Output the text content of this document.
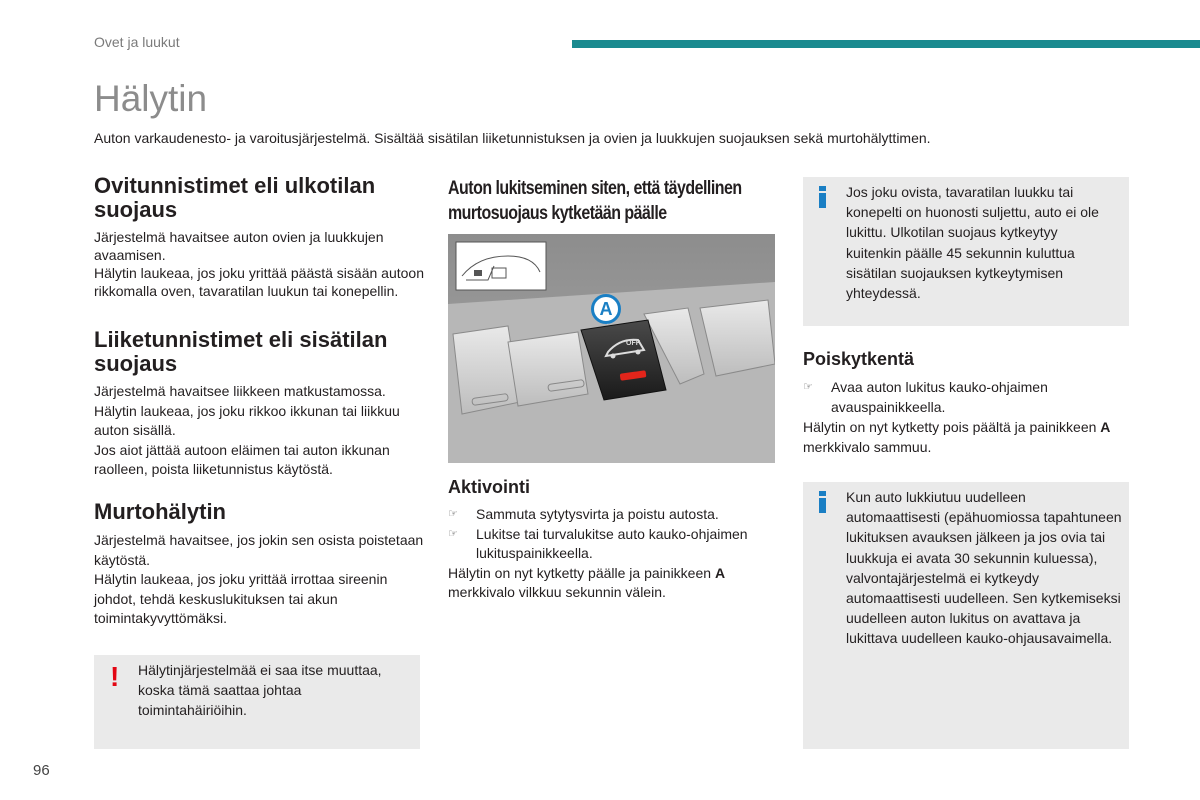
Ovet ja luukut
Hälytin
Auton varkaudenesto- ja varoitusjärjestelmä. Sisältää sisätilan liiketunnistuksen ja ovien ja luukkujen suojauksen sekä murtohälyttimen.
Ovitunnistimet eli ulkotilan suojaus

Järjestelmä havaitsee auton ovien ja luukkujen avaamisen.

Hälytin laukeaa, jos joku yrittää päästä sisään autoon rikkomalla oven, tavaratilan luukun tai konepellin.

Liiketunnistimet eli sisätilan suojaus

Järjestelmä havaitsee liikkeen matkustamossa.

Hälytin laukeaa, jos joku rikkoo ikkunan tai liikkuu auton sisällä.

Jos aiot jättää autoon eläimen tai auton ikkunan raolleen, poista liiketunnistus käytöstä.

Murtohälytin

Järjestelmä havaitsee, jos jokin sen osista poistetaan käytöstä.

Hälytin laukeaa, jos joku yrittää irrottaa sireenin johdot, tehdä keskuslukituksen tai akun toimintakyvyttömäksi.

! Hälytinjärjestelmää ei saa itse muuttaa, koska tämä saattaa johtaa toimintahäiriöihin.
Auton lukitseminen siten, että täydellinen murtosuojaus kytketään päälle
A
OFF
Aktivointi
☞	Sammuta sytytysvirta ja poistu autosta.
☞	Lukitse tai turvalukitse auto kauko-ohjaimen lukituspainikkeella.

Hälytin on nyt kytketty päälle ja painikkeen A merkkivalo vilkkuu sekunnin välein.

Jos joku ovista, tavaratilan luukku tai konepelti on huonosti suljettu, auto ei ole lukittu. Ulkotilan suojaus kytkeytyy kuitenkin päälle 45 sekunnin kuluttua sisätilan suojauksen kytkeytymisen yhteydessä.
Poiskytkentä
☞	Avaa auton lukitus kauko-ohjaimen avauspainikkeella.

Hälytin on nyt kytketty pois päältä ja painikkeen A merkkivalo sammuu.

Kun auto lukkiutuu uudelleen automaattisesti (epähuomiossa tapahtuneen lukituksen avauksen jälkeen ja jos ovia tai luukkuja ei avata 30 sekunnin kuluessa), valvontajärjestelmä ei kytkeydy automaattisesti uudelleen. Sen kytkemiseksi uudelleen auton lukitus on avattava ja lukittava uudelleen kauko-ohjausavaimella.
96
